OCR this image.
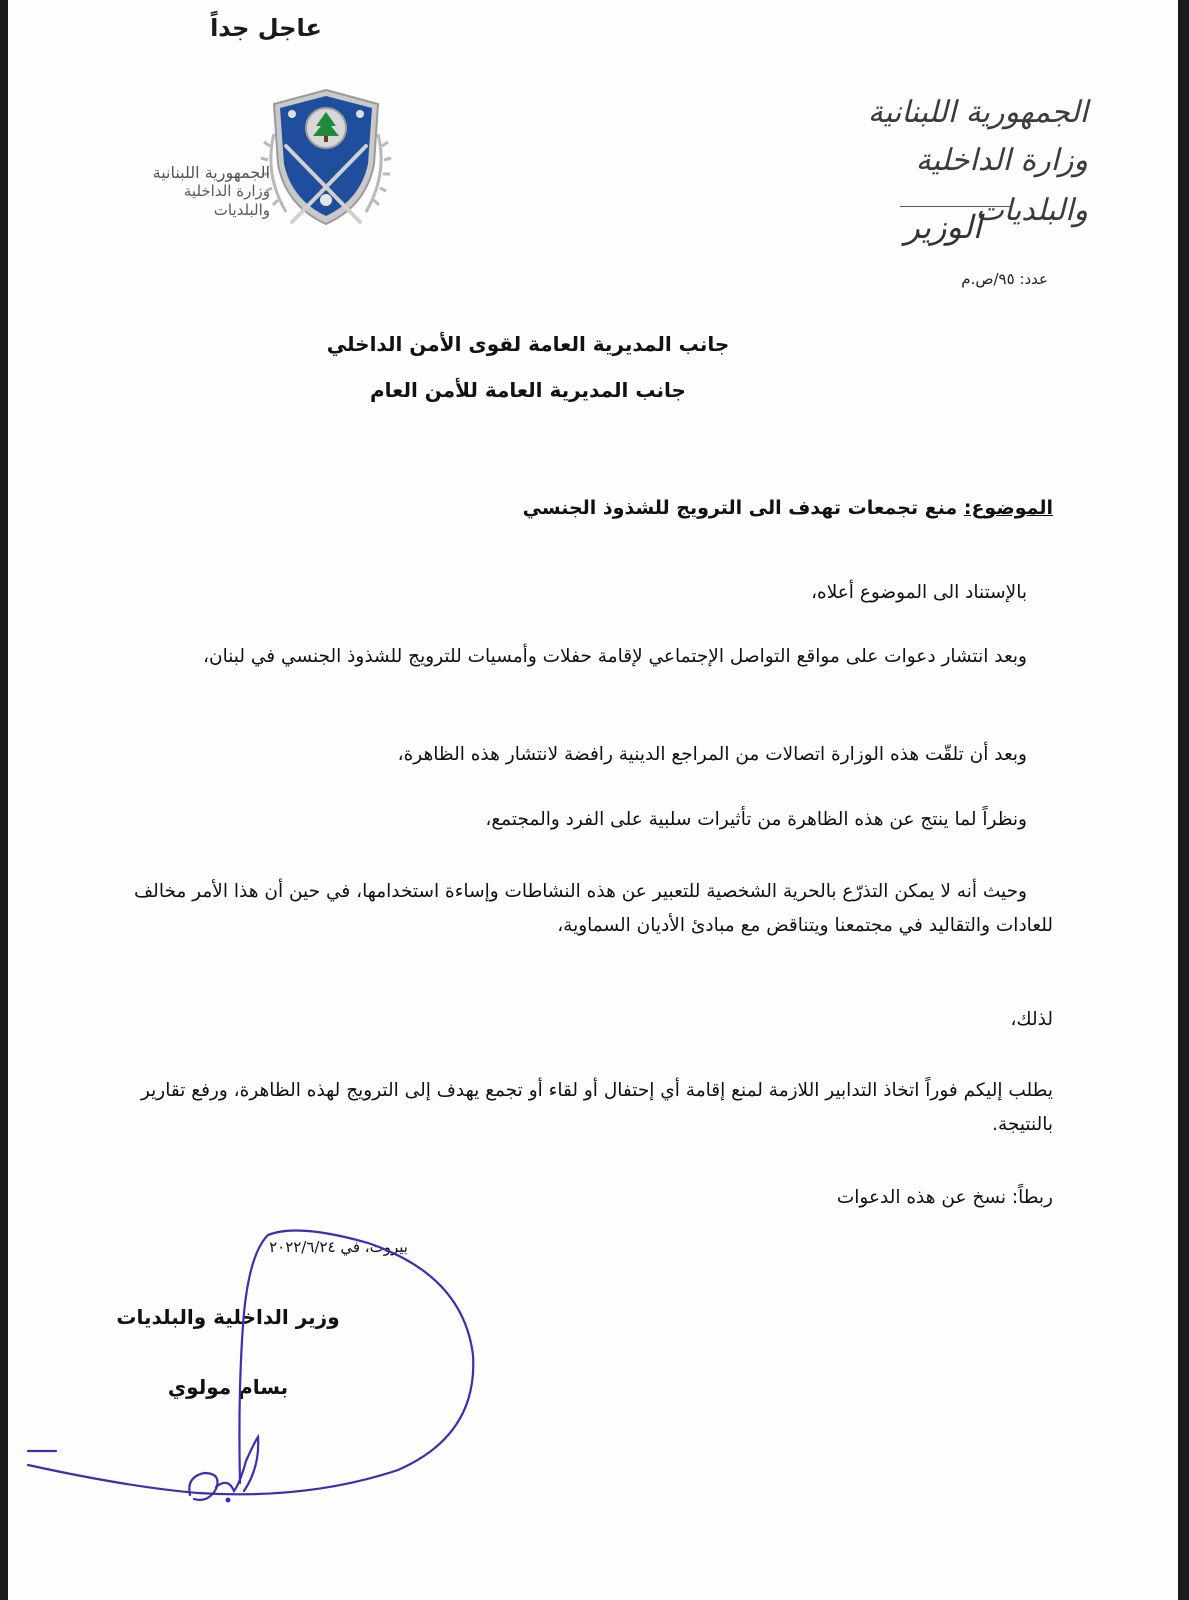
عاجل جداً
الجمهورية اللبنانية
وزارة الداخلية
والبلديات
الجمهورية اللبنانية
وزارة الداخلية والبلديات
الوزير
عدد: ٩٥/ص.م
جانب المديرية العامة لقوى الأمن الداخلي
جانب المديرية العامة للأمن العام
الموضوع: منع تجمعات تهدف الى الترويج للشذوذ الجنسي
بالإستناد الى الموضوع أعلاه،
وبعد انتشار دعوات على مواقع التواصل الإجتماعي لإقامة حفلات وأمسيات للترويج للشذوذ الجنسي في لبنان،
وبعد أن تلقّت هذه الوزارة اتصالات من المراجع الدينية رافضة لانتشار هذه الظاهرة،
ونظراً لما ينتج عن هذه الظاهرة من تأثيرات سلبية على الفرد والمجتمع،
وحيث أنه لا يمكن التذرّع بالحرية الشخصية للتعبير عن هذه النشاطات وإساءة استخدامها، في حين أن هذا الأمر مخالف للعادات والتقاليد في مجتمعنا ويتناقض مع مبادئ الأديان السماوية،
لذلك،
يطلب إليكم فوراً اتخاذ التدابير اللازمة لمنع إقامة أي إحتفال أو لقاء أو تجمع يهدف إلى الترويج لهذه الظاهرة، ورفع تقارير بالنتيجة.
ربطاً: نسخ عن هذه الدعوات
بيروت، في ٢٠٢٢/٦/٢٤
وزير الداخلية والبلديات
بسام مولوي
